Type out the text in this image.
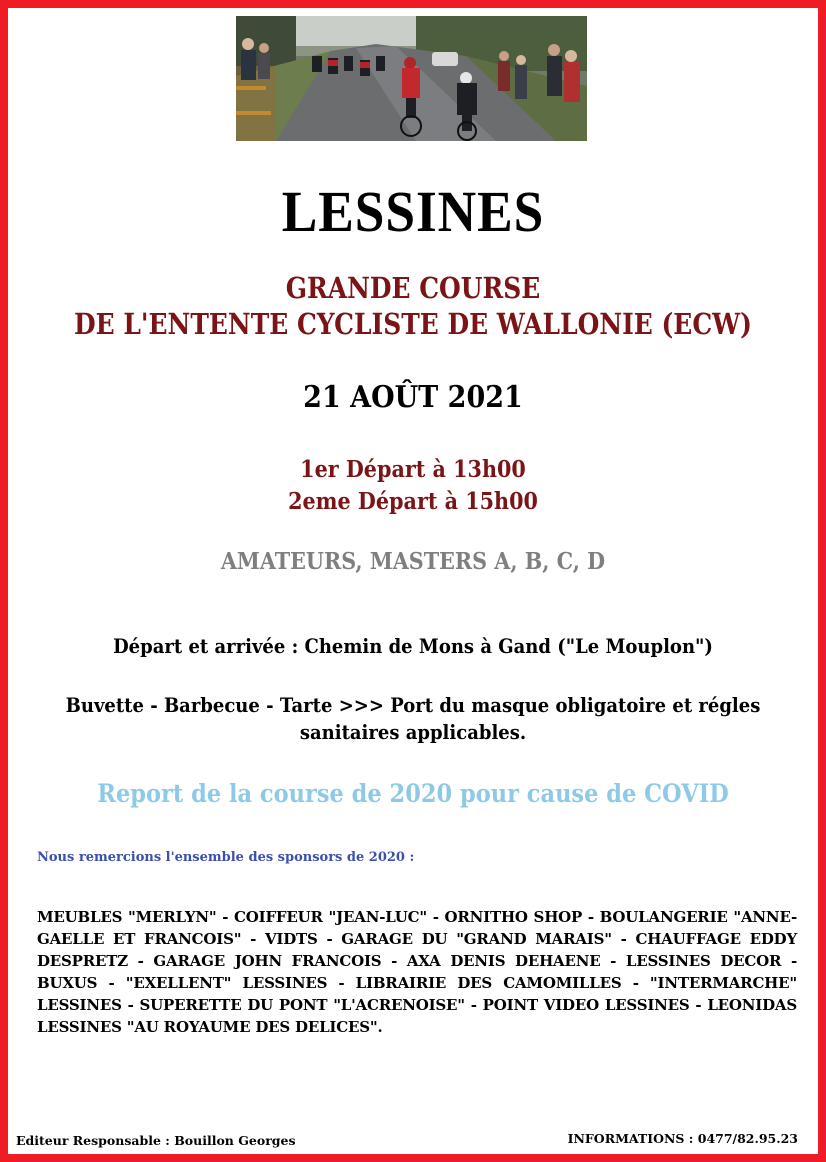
LESSINES
GRANDE COURSE
DE L'ENTENTE CYCLISTE DE WALLONIE (ECW)
21 AOÛT 2021
1er Départ à 13h00
2eme Départ à 15h00
AMATEURS, MASTERS A, B, C, D
Départ et arrivée : Chemin de Mons à Gand ("Le Mouplon")
Buvette - Barbecue - Tarte >>> Port du masque obligatoire et régles
sanitaires applicables.
Report de la course de 2020 pour cause de COVID
Nous remercions l'ensemble des sponsors de 2020 :
MEUBLES "MERLYN" - COIFFEUR "JEAN-LUC" - ORNITHO SHOP - BOULANGERIE "ANNE-GAELLE ET FRANCOIS" - VIDTS - GARAGE DU "GRAND MARAIS" - CHAUFFAGE EDDY DESPRETZ - GARAGE JOHN FRANCOIS - AXA DENIS DEHAENE - LESSINES DECOR - BUXUS - "EXELLENT" LESSINES - LIBRAIRIE DES CAMOMILLES - "INTERMARCHE" LESSINES - SUPERETTE DU PONT "L'ACRENOISE" - POINT VIDEO LESSINES - LEONIDAS LESSINES "AU ROYAUME DES DELICES".
Editeur Responsable : Bouillon Georges	INFORMATIONS : 0477/82.95.23
